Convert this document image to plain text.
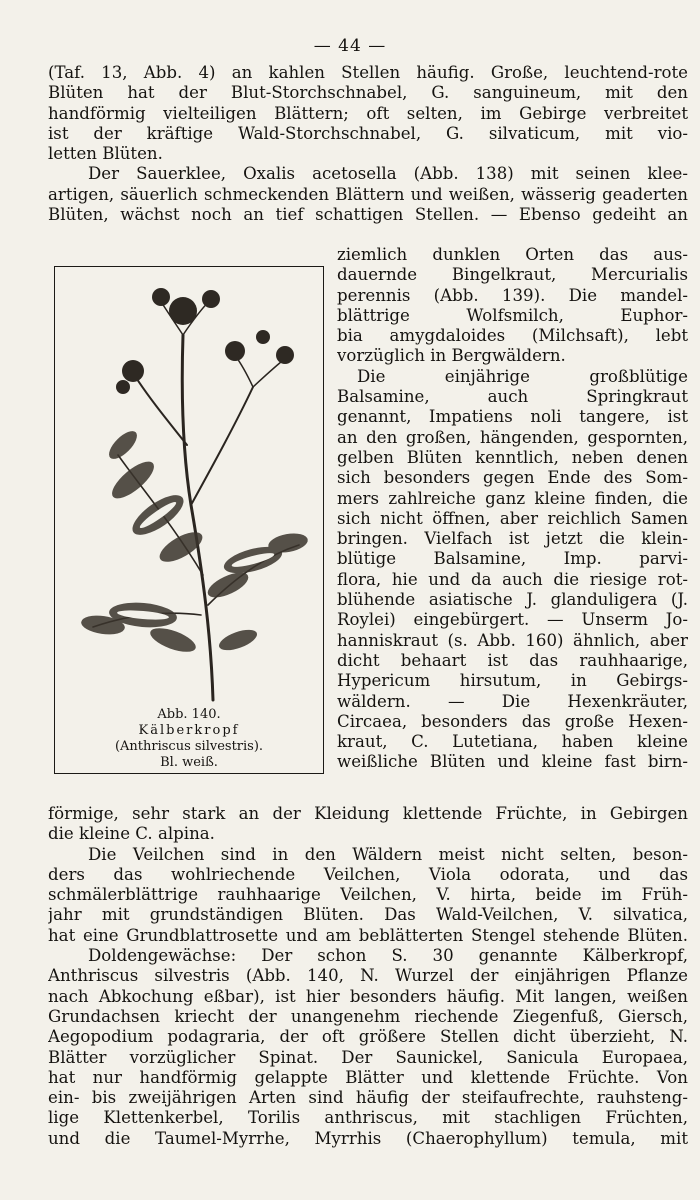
— 44 —
(Taf. 13, Abb. 4) an kahlen Stellen häufig. Große, leuchtend-rote
Blüten hat der Blut-Storchschnabel, G. sanguineum, mit den
handförmig vielteiligen Blättern; oft selten, im Gebirge verbreitet
ist der kräftige Wald-Storchschnabel, G. silvaticum, mit vio-
letten Blüten.
Der Sauerklee, Oxalis acetosella (Abb. 138) mit seinen klee-
artigen, säuerlich schmeckenden Blättern und weißen, wässerig geaderten
Blüten, wächst noch an tief schattigen Stellen. — Ebenso gedeiht an
Abb. 140.
Kälberkropf
(Anthriscus silvestris).
Bl. weiß.
ziemlich dunklen Orten das aus-
dauernde Bingelkraut, Mercurialis
perennis (Abb. 139). Die mandel-
blättrige Wolfsmilch, Euphor-
bia amygdaloides (Milchsaft), lebt
vorzüglich in Bergwäldern.
Die einjährige großblütige
Balsamine, auch Springkraut
genannt, Impatiens noli tangere, ist
an den großen, hängenden, gespornten,
gelben Blüten kenntlich, neben denen
sich besonders gegen Ende des Som-
mers zahlreiche ganz kleine finden, die
sich nicht öffnen, aber reichlich Samen
bringen. Vielfach ist jetzt die klein-
blütige Balsamine, Imp. parvi-
flora, hie und da auch die riesige rot-
blühende asiatische J. glanduligera (J.
Roylei) eingebürgert. — Unserm Jo-
hanniskraut (s. Abb. 160) ähnlich, aber
dicht behaart ist das rauhhaarige,
Hypericum hirsutum, in Gebirgs-
wäldern. — Die Hexenkräuter,
Circaea, besonders das große Hexen-
kraut, C. Lutetiana, haben kleine
weißliche Blüten und kleine fast birn-
förmige, sehr stark an der Kleidung klettende Früchte, in Gebirgen
die kleine C. alpina.
Die Veilchen sind in den Wäldern meist nicht selten, beson-
ders das wohlriechende Veilchen, Viola odorata, und das
schmälerblättrige rauhhaarige Veilchen, V. hirta, beide im Früh-
jahr mit grundständigen Blüten. Das Wald-Veilchen, V. silvatica,
hat eine Grundblattrosette und am beblätterten Stengel stehende Blüten.
Doldengewächse: Der schon S. 30 genannte Kälberkropf,
Anthriscus silvestris (Abb. 140, N. Wurzel der einjährigen Pflanze
nach Abkochung eßbar), ist hier besonders häufig. Mit langen, weißen
Grundachsen kriecht der unangenehm riechende Ziegenfuß, Giersch,
Aegopodium podagraria, der oft größere Stellen dicht überzieht, N.
Blätter vorzüglicher Spinat. Der Saunickel, Sanicula Europaea,
hat nur handförmig gelappte Blätter und klettende Früchte. Von
ein- bis zweijährigen Arten sind häufig der steifaufrechte, rauhsteng-
lige Klettenkerbel, Torilis anthriscus, mit stachligen Früchten,
und die Taumel-Myrrhe, Myrrhis (Chaerophyllum) temula, mit
